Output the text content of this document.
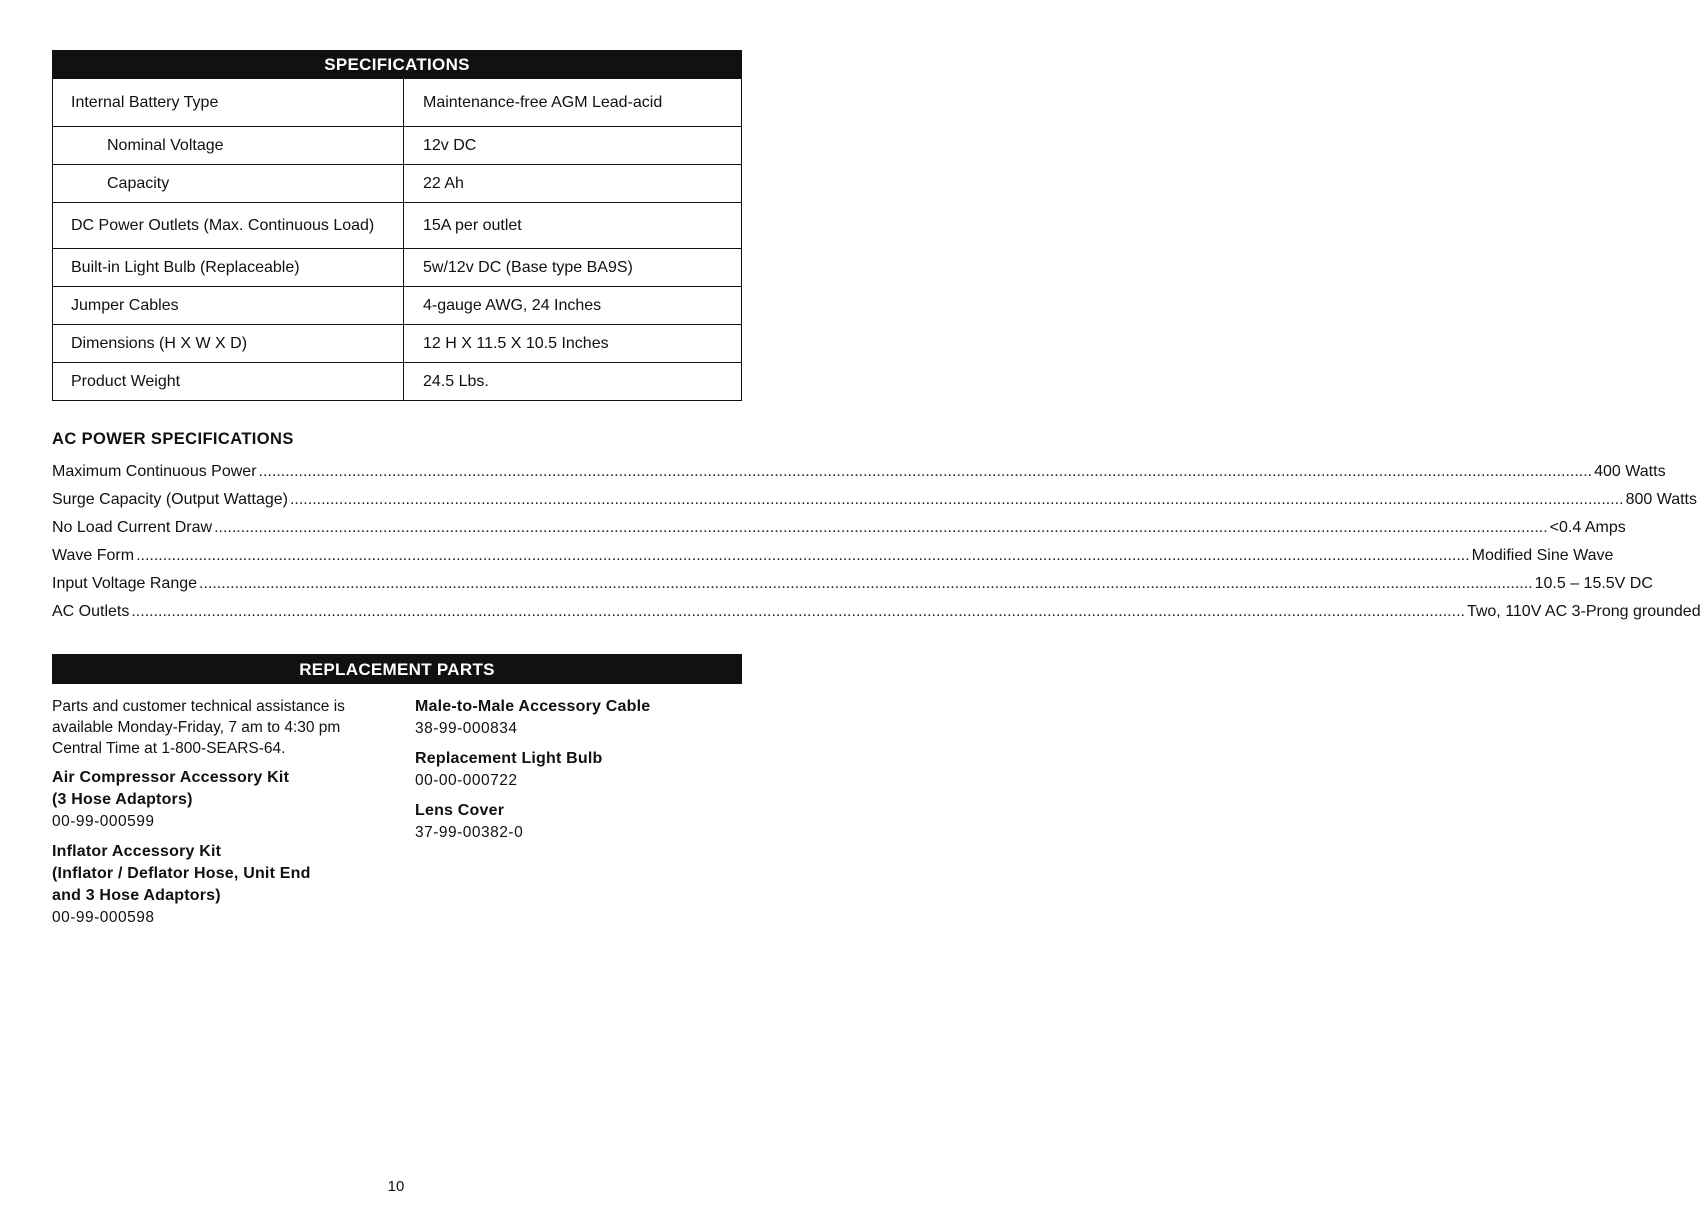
SPECIFICATIONS
Internal Battery Type	Maintenance-free AGM Lead-acid
Nominal Voltage	12v DC
Capacity	22 Ah
DC Power Outlets (Max. Continuous Load)	15A per outlet
Built-in Light Bulb (Replaceable)	5w/12v DC (Base type BA9S)
Jumper Cables	4-gauge AWG, 24 Inches
Dimensions (H X W X D)	12 H X 11.5 X 10.5 Inches
Product Weight	24.5 Lbs.
AC POWER SPECIFICATIONS
Maximum Continuous Power ............................................................................................................................................................................................................................................................................................................ 400 Watts
Surge Capacity (Output Wattage) ............................................................................................................................................................................................................................................................................................................ 800 Watts
No Load Current Draw ............................................................................................................................................................................................................................................................................................................ <0.4 Amps
Wave Form ............................................................................................................................................................................................................................................................................................................ Modified Sine Wave
Input Voltage Range ............................................................................................................................................................................................................................................................................................................ 10.5 – 15.5V DC
AC Outlets ............................................................................................................................................................................................................................................................................................................ Two, 110V AC 3-Prong grounded
REPLACEMENT PARTS

Parts and customer technical assistance is available Monday-Friday, 7 am to 4:30 pm Central Time at 1-800-SEARS-64.

Air Compressor Accessory Kit
(3 Hose Adaptors)
00-99-000599
Inflator Accessory Kit
(Inflator / Deflator Hose, Unit End
and 3 Hose Adaptors)
00-99-000598
Male-to-Male Accessory Cable
38-99-000834
Replacement Light Bulb
00-00-000722
Lens Cover
37-99-00382-0
10
